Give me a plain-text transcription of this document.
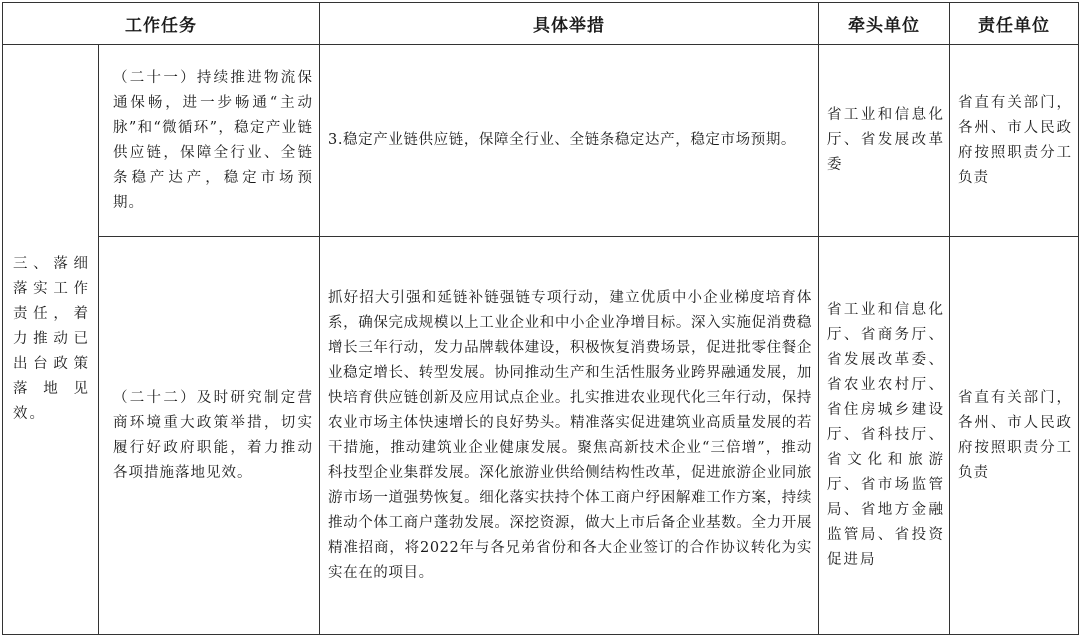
工作任务		具体举措	牵头单位	责任单位

三、落细落实工作责任，着力推动已出台政策落地见效。	（二十一）持续推进物流保通保畅，进一步畅通“主动脉”和“微循环”，稳定产业链供应链，保障全行业、全链条稳产达产，稳定市场预期。	3.稳定产业链供应链，保障全行业、全链条稳定达产，稳定市场预期。	省工业和信息化厅、省发展改革委	省直有关部门，各州、市人民政府按照职责分工负责

	（二十二）及时研究制定营商环境重大政策举措，切实履行好政府职能，着力推动各项措施落地见效。	抓好招大引强和延链补链强链专项行动，建立优质中小企业梯度培育体系，确保完成规模以上工业企业和中小企业净增目标。深入实施促消费稳增长三年行动，发力品牌载体建设，积极恢复消费场景，促进批零住餐企业稳定增长、转型发展。协同推动生产和生活性服务业跨界融通发展，加快培育供应链创新及应用试点企业。扎实推进农业现代化三年行动，保持农业市场主体快速增长的良好势头。精准落实促进建筑业高质量发展的若干措施，推动建筑业企业健康发展。聚焦高新技术企业“三倍增”，推动科技型企业集群发展。深化旅游业供给侧结构性改革，促进旅游企业同旅游市场一道强势恢复。细化落实扶持个体工商户纾困解难工作方案，持续推动个体工商户蓬勃发展。深挖资源，做大上市后备企业基数。全力开展精准招商，将2022年与各兄弟省份和各大企业签订的合作协议转化为实实在在的项目。	省工业和信息化厅、省商务厅、省发展改革委、省农业农村厅、省住房城乡建设厅、省科技厅、省文化和旅游厅、省市场监管局、省地方金融监管局、省投资促进局	省直有关部门，各州、市人民政府按照职责分工负责
